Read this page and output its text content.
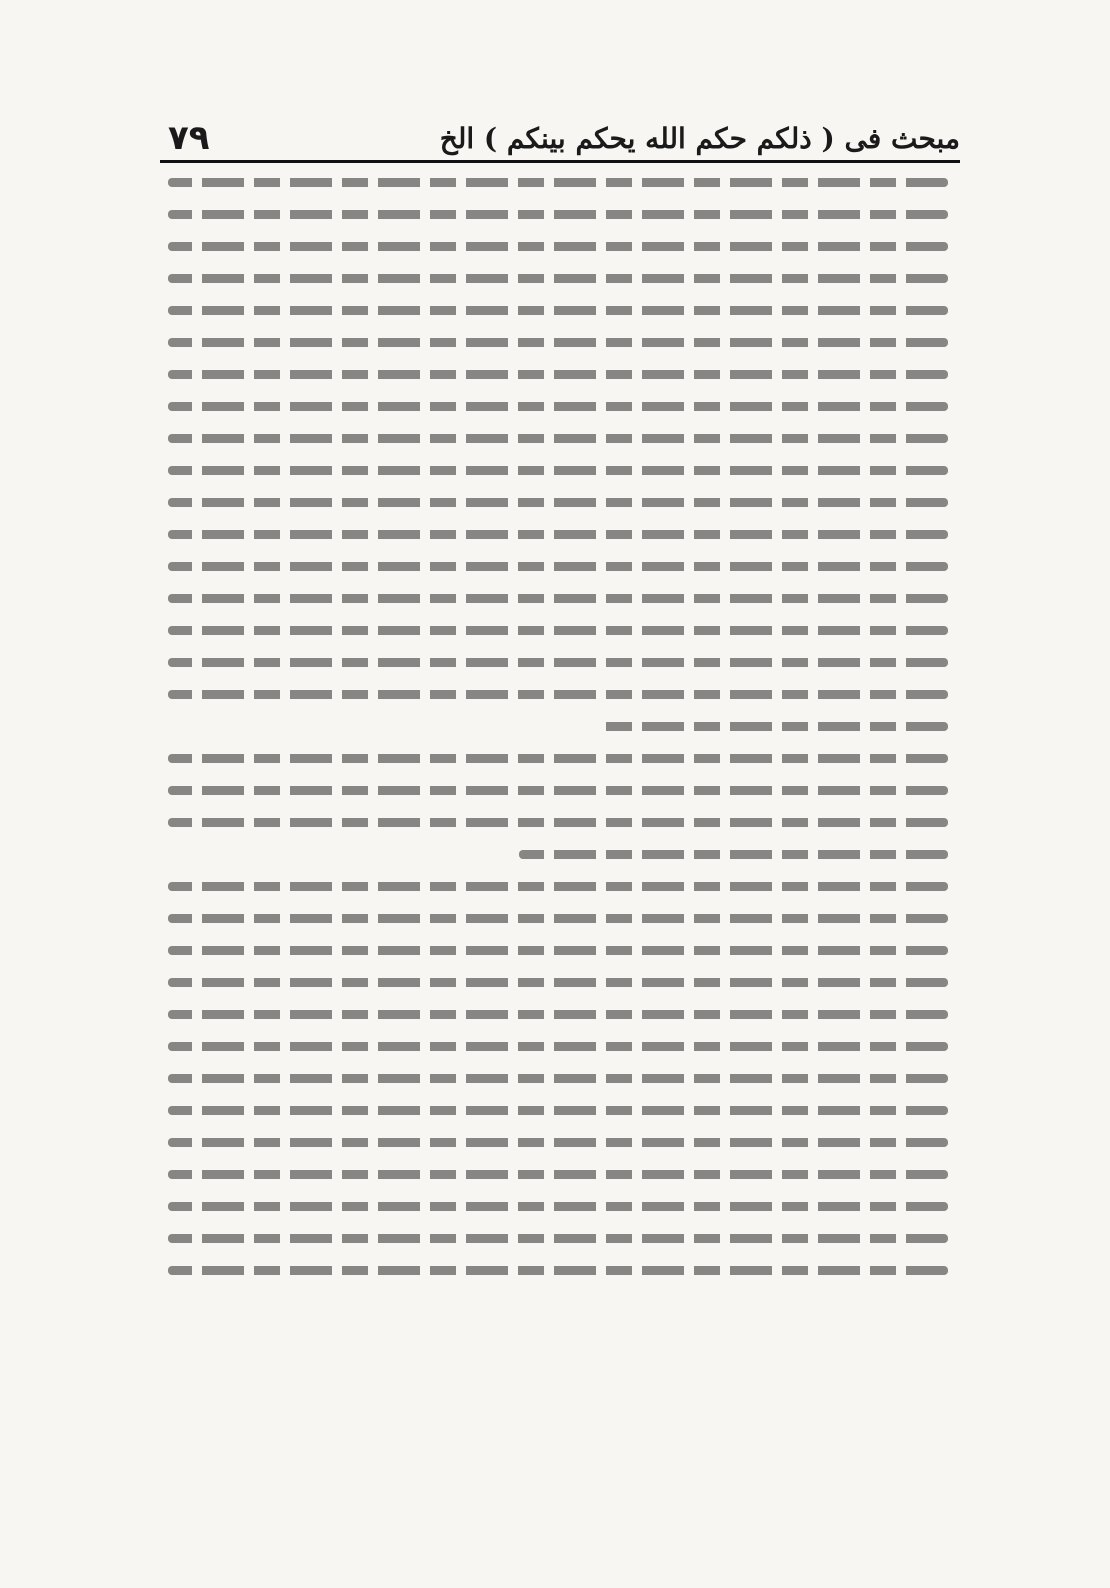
مبحث فى ( ذلكم حكم الله يحكم بينكم ) الخ
٧٩
